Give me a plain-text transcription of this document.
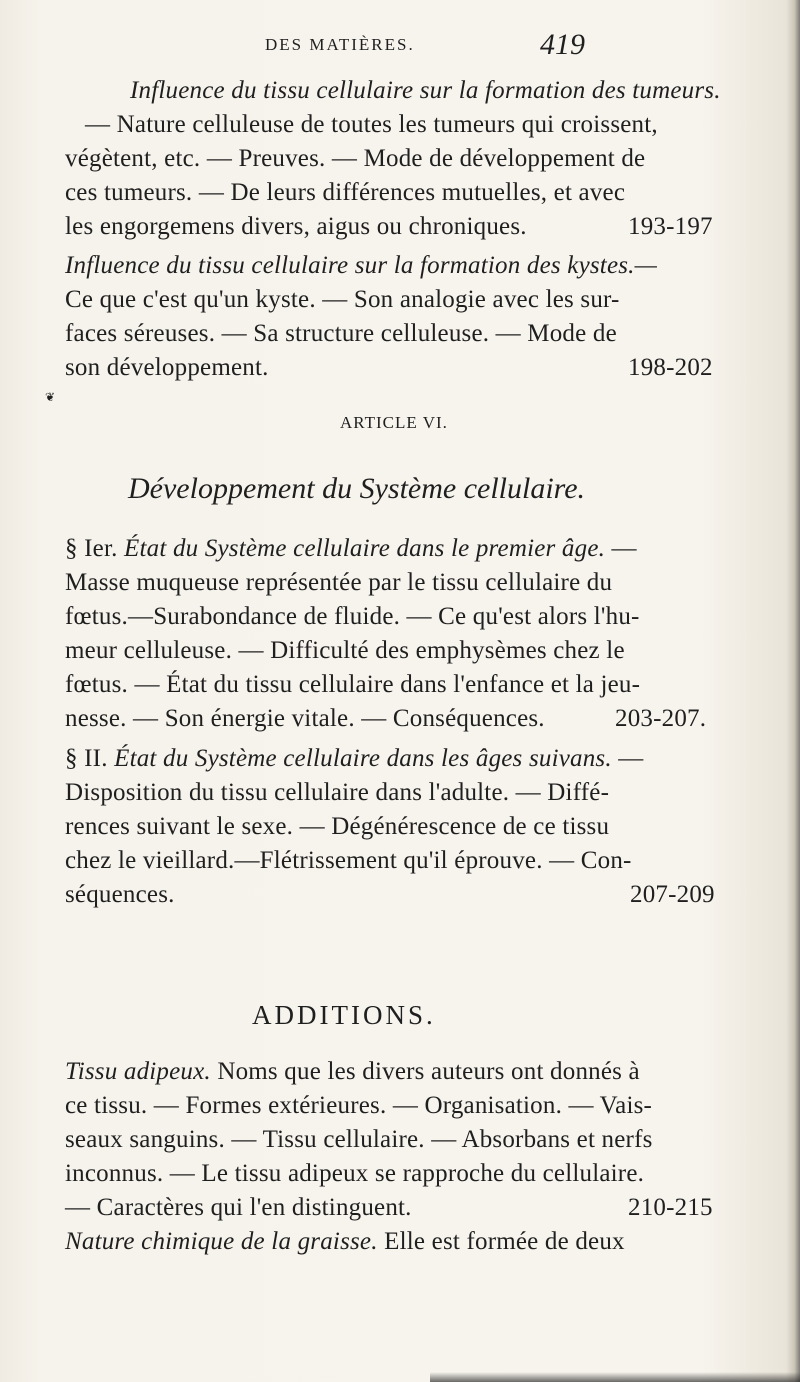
DES MATIÈRES.	419
❦
Influence du tissu cellulaire sur la formation des tumeurs.
— Nature celluleuse de toutes les tumeurs qui croissent,
végètent, etc. — Preuves. — Mode de développement de
ces tumeurs. — De leurs différences mutuelles, et avec
les engorgemens divers, aigus ou chroniques.	193-197
Influence du tissu cellulaire sur la formation des kystes.—
Ce que c'est qu'un kyste. — Son analogie avec les sur-
faces séreuses. — Sa structure celluleuse. — Mode de
son développement.	198-202
ARTICLE VI.
Développement du Système cellulaire.
§ Ier. État du Système cellulaire dans le premier âge. —
Masse muqueuse représentée par le tissu cellulaire du
fœtus.—Surabondance de fluide. — Ce qu'est alors l'hu-
meur celluleuse. — Difficulté des emphysèmes chez le
fœtus. — État du tissu cellulaire dans l'enfance et la jeu-
nesse. — Son énergie vitale. — Conséquences.	203-207.
§ II. État du Système cellulaire dans les âges suivans. —
Disposition du tissu cellulaire dans l'adulte. — Diffé-
rences suivant le sexe. — Dégénérescence de ce tissu
chez le vieillard.—Flétrissement qu'il éprouve. — Con-
séquences.	207-209
ADDITIONS.
Tissu adipeux. Noms que les divers auteurs ont donnés à
ce tissu. — Formes extérieures. — Organisation. — Vais-
seaux sanguins. — Tissu cellulaire. — Absorbans et nerfs
inconnus. — Le tissu adipeux se rapproche du cellulaire.
— Caractères qui l'en distinguent.	210-215
Nature chimique de la graisse. Elle est formée de deux
